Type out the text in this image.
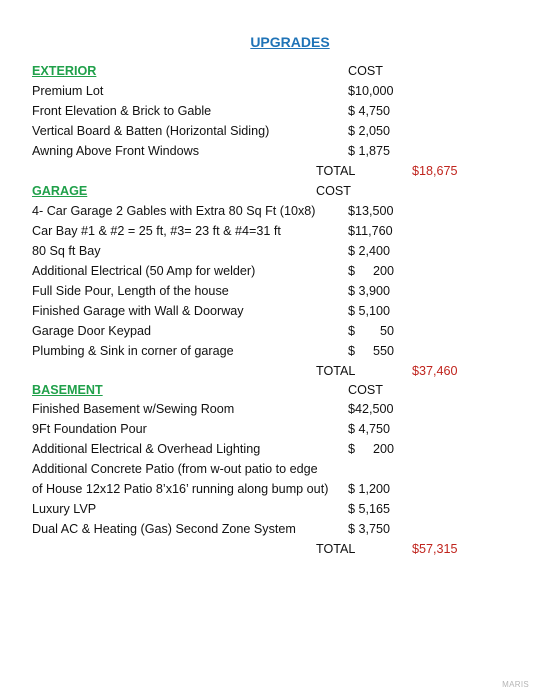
UPGRADES
EXTERIOR	COST
Premium Lot	$10,000
Front Elevation & Brick to Gable	$ 4,750
Vertical Board & Batten (Horizontal Siding)	$ 2,050
Awning Above Front Windows	$ 1,875
TOTAL	$18,675
GARAGE	COST
4- Car Garage 2 Gables with Extra 80 Sq Ft (10x8)	$13,500
Car Bay #1 & #2 = 25 ft, #3= 23 ft & #4=31 ft	$11,760
80 Sq ft Bay	$ 2,400
Additional Electrical (50 Amp for welder)	$ 200
Full Side Pour, Length of the house	$ 3,900
Finished Garage with Wall & Doorway	$ 5,100
Garage Door Keypad	$ 50
Plumbing & Sink in corner of garage	$ 550
TOTAL	$37,460
BASEMENT	COST
Finished Basement w/Sewing Room	$42,500
9Ft Foundation Pour	$ 4,750
Additional Electrical & Overhead Lighting	$ 200
Additional Concrete Patio (from w-out patio to edge
of House 12x12 Patio 8’x16’ running along bump out) $ 1,200
Luxury LVP	$ 5,165
Dual AC & Heating (Gas) Second Zone System	$ 3,750
TOTAL	$57,315
MARIS
